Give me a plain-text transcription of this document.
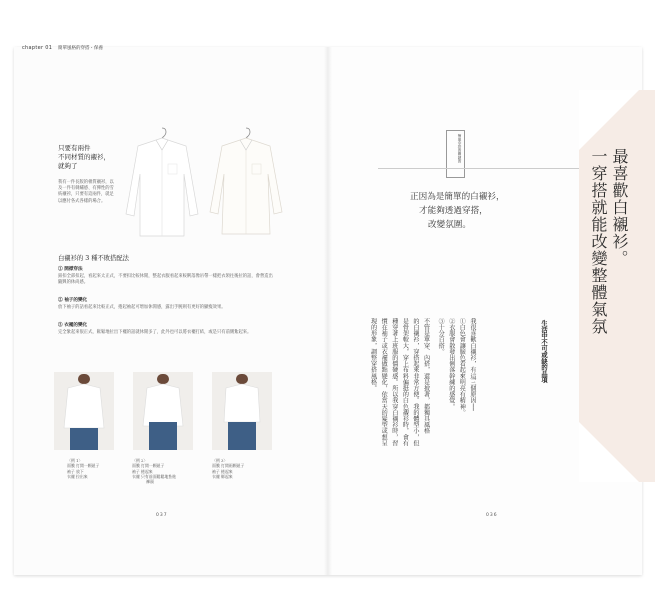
chapter 01 簡單風格的穿搭・保養
只要有兩件
不同材質的襯衫，
就夠了
我有一件長版的棉質襯衫，以及一件有刺繡感、有彈性的雪紡襯衫，只要有這兩件，就足以應付各式各樣的場合。
白襯衫的 3 種不敗搭配法
① 開襟穿法
鈕扣全部扣起，看起來太正式，不要扣比較休閒，整起衣服看起來較俐落像吊帶一樣把衣領往後拉的話，會營造出隨興的休尚感。
② 袖子的變化
放下袖子的話看起來比較正式，捲起袖起可增加休閒感，露出手腕則有更好的顯瘦效果。
③ 衣襬的變化
完全紮起來很正式，鬆鬆地拉出下襬的話就休閒多了，此外也可以將衣襬打結，或是只有前側紮起來。
〈例 1〉
面膜 打開一顆鈕子
袖子 放下
衣襬 拉出來
〈例 2〉
面膜 打開一顆鈕子
袖子 捲起來
衣襬 只有前面鬆鬆地紮進
褲頭
〈例 3〉
面膜 打開兩顆鈕子
袖子 捲起來
衣襬 綁起來
037
簡單穿搭的關鍵的
正因為是簡單的白襯衫，
才能夠透過穿搭，
改變氛圍。	最喜歡白襯衫。
一穿搭就能改變整體氣氛
生活中不可或缺的品項
我很喜歡白襯衫，有這三個原因──
①白色會讓臉色看起來明亮有精神。
②衣服會散發出俐落幹練的感覺。
③十分百搭。
不管是單穿、內搭，還是披著，都獨具風格
的白襯衫，穿搭起來非常方便。我的體型小，但
是骨架較大，穿上布料偏挺的白色襯衫時，會有
種穿著上班服的僵硬感。所以我穿白襯衫時，習
慣在袖子或衣襬做點變化，依當天的髮型或想呈
現的形象，調整穿搭風格。
036
